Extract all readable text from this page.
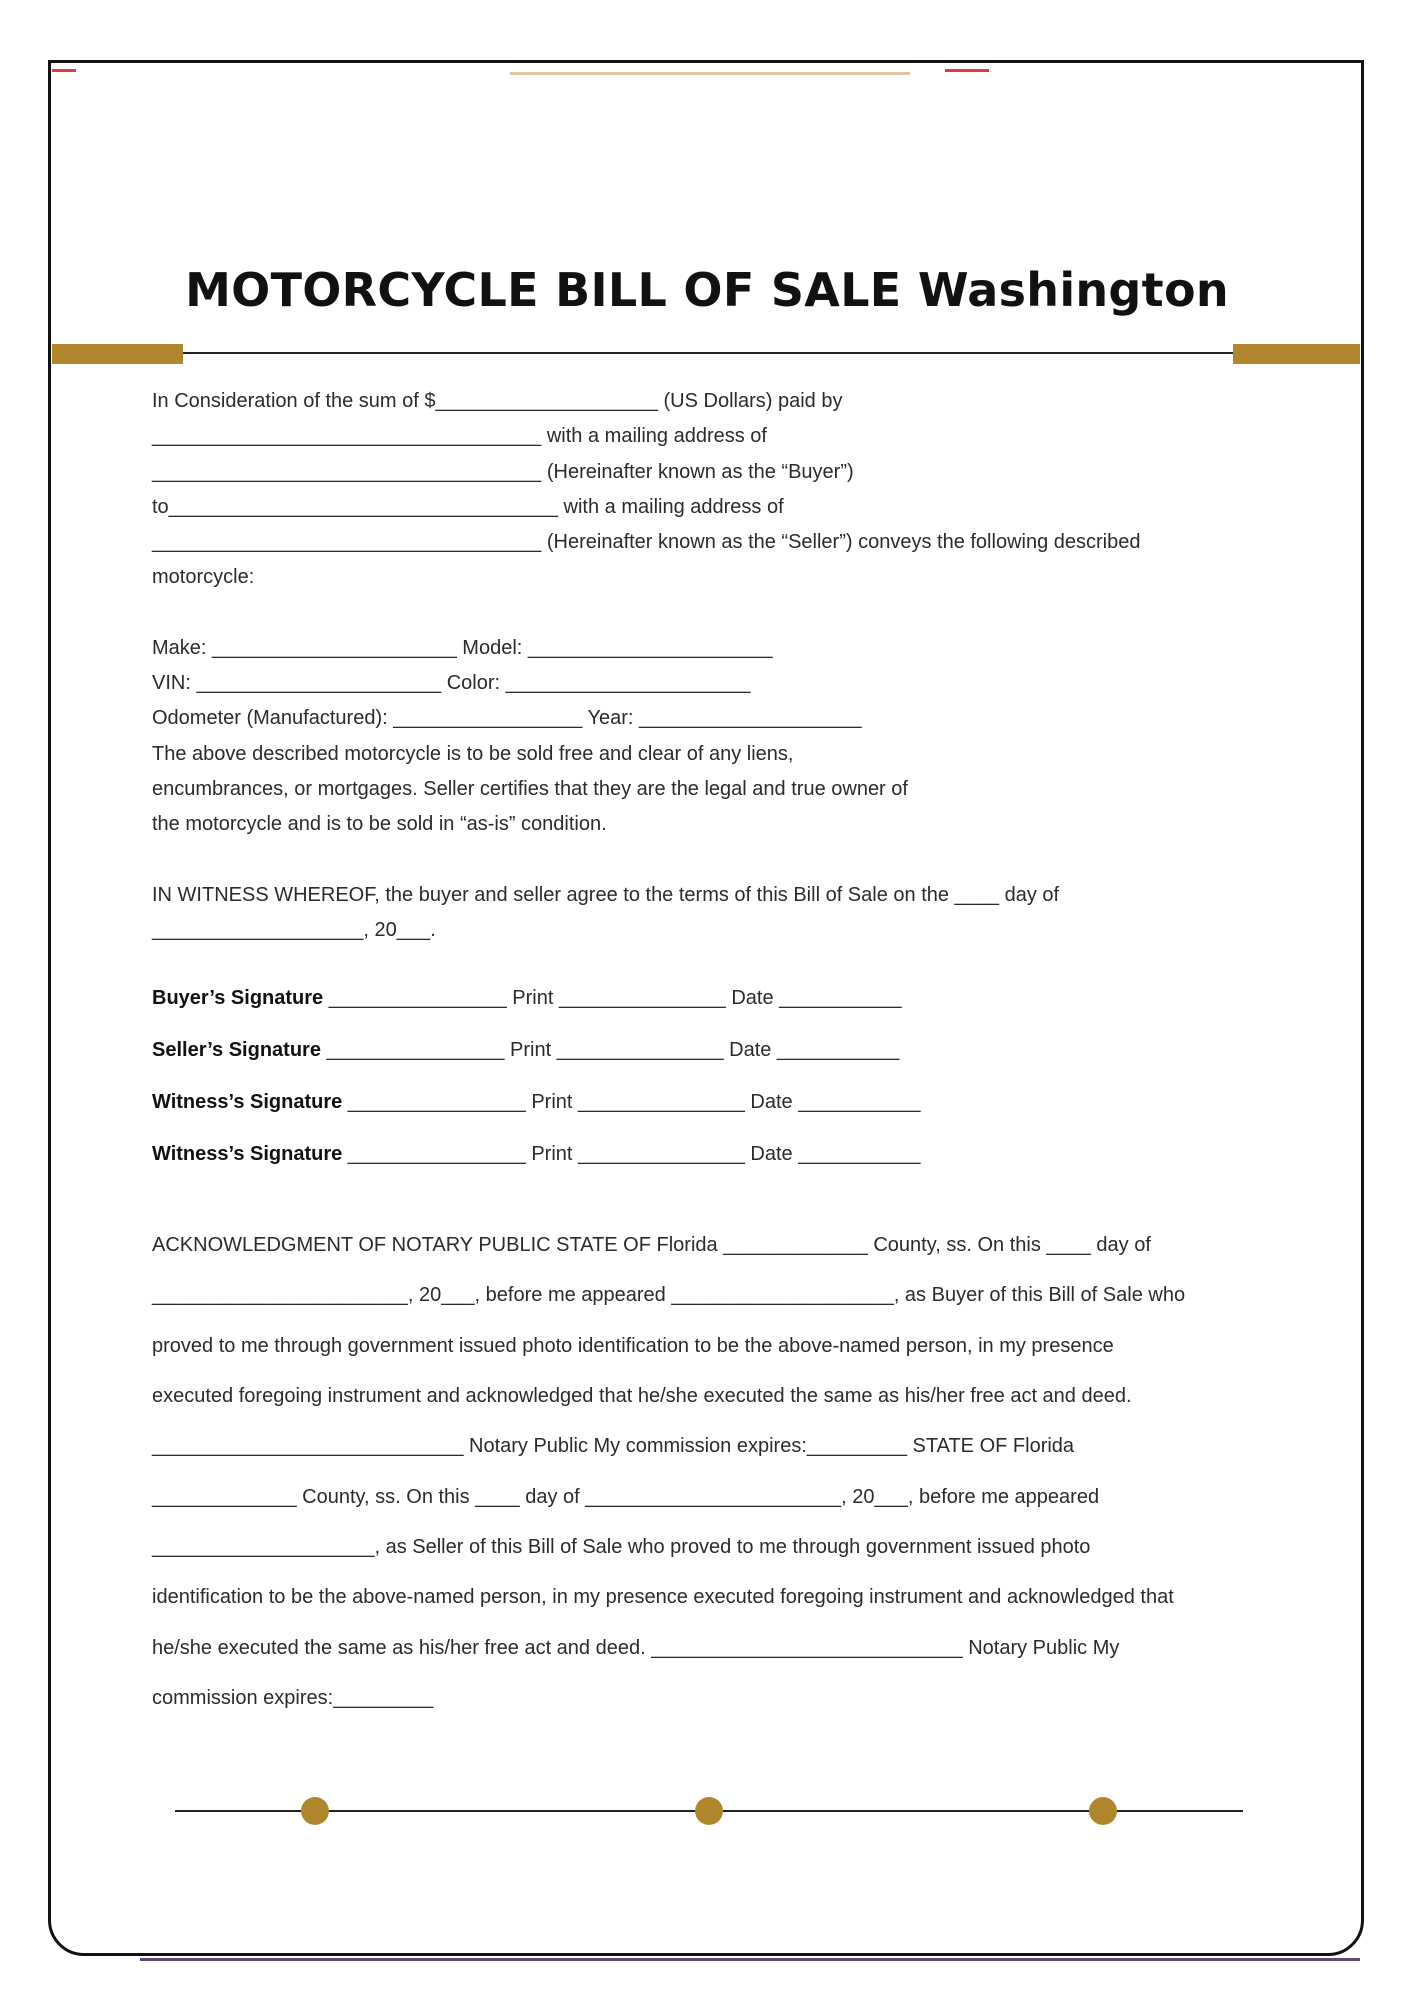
MOTORCYCLE BILL OF SALE Washington

In Consideration of the sum of $____________________ (US Dollars) paid by

___________________________________ with a mailing address of

___________________________________ (Hereinafter known as the “Buyer”)

to___________________________________ with a mailing address of

___________________________________ (Hereinafter known as the “Seller”) conveys the following described

motorcycle:

Make: ______________________ Model: ______________________

VIN: ______________________ Color: ______________________

Odometer (Manufactured): _________________ Year: ____________________

The above described motorcycle is to be sold free and clear of any liens,

encumbrances, or mortgages. Seller certifies that they are the legal and true owner of

the motorcycle and is to be sold in “as-is” condition.

IN WITNESS WHEREOF, the buyer and seller agree to the terms of this Bill of Sale on the ____ day of

___________________, 20___.

Buyer’s Signature ________________ Print _______________ Date ___________

Seller’s Signature ________________ Print _______________ Date ___________

Witness’s Signature ________________ Print _______________ Date ___________

Witness’s Signature ________________ Print _______________ Date ___________

ACKNOWLEDGMENT OF NOTARY PUBLIC STATE OF Florida _____________ County, ss. On this ____ day of

_______________________, 20___, before me appeared ____________________, as Buyer of this Bill of Sale who

proved to me through government issued photo identification to be the above-named person, in my presence

executed foregoing instrument and acknowledged that he/she executed the same as his/her free act and deed.

____________________________ Notary Public My commission expires:_________ STATE OF Florida

_____________ County, ss. On this ____ day of _______________________, 20___, before me appeared

____________________, as Seller of this Bill of Sale who proved to me through government issued photo

identification to be the above-named person, in my presence executed foregoing instrument and acknowledged that

he/she executed the same as his/her free act and deed. ____________________________ Notary Public My

commission expires:_________
